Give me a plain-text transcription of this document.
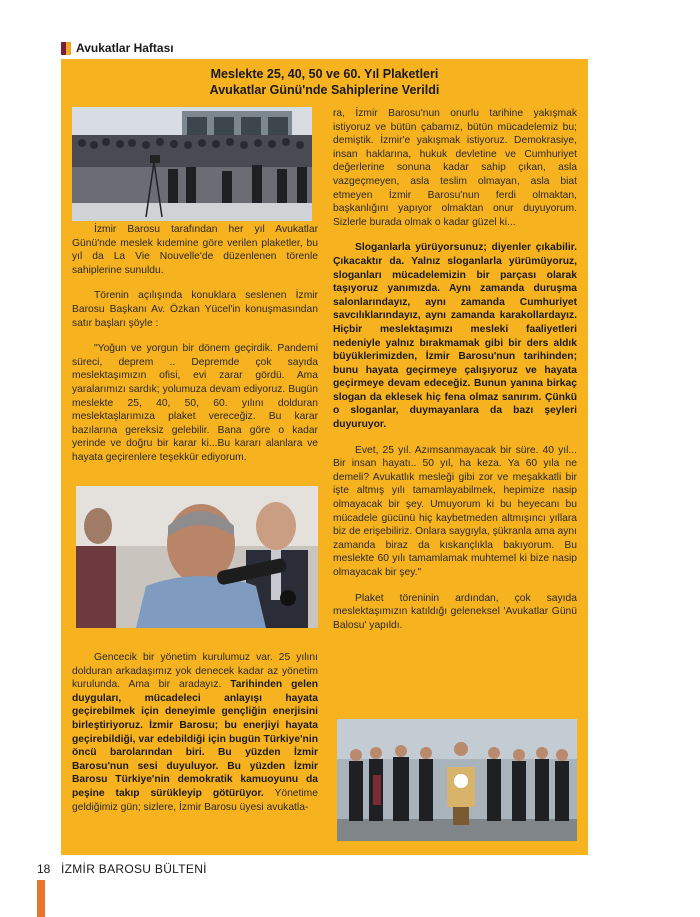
Avukatlar Haftası
Meslekte 25, 40, 50 ve 60. Yıl Plaketleri
Avukatlar Günü'nde Sahiplerine Verildi

İzmir Barosu tarafından her yıl Avukatlar Günü'nde meslek kıdemine göre verilen plaketler, bu yıl da La Vie Nouvelle'de düzenlenen törenle sahiplerine sunuldu.

Törenin açılışında konuklara seslenen İzmir Barosu Başkanı Av. Özkan Yücel'in konuşmasından satır başları şöyle :

"Yoğun ve yorgun bir dönem geçirdik. Pandemi süreci, deprem .. Depremde çok sayıda meslektaşımızın ofisi, evi zarar gördü. Ama yaralarımızı sardık; yolumuza devam ediyoruz. Bugün meslekte 25, 40, 50, 60. yılını dolduran meslektaşlarımıza plaket vereceğiz. Bu karar bazılarına gereksiz gelebilir. Bana göre o kadar yerinde ve doğru bir karar ki...Bu kararı alanlara ve hayata geçirenlere teşekkür ediyorum.

Gencecik bir yönetim kurulumuz var. 25 yılını dolduran arkadaşımız yok denecek kadar az yönetim kurulunda. Ama bir aradayız. Tarihinden gelen duyguları, mücadeleci anlayışı hayata geçirebilmek için deneyimle gençliğin enerjisini birleştiriyoruz. İzmir Barosu; bu enerjiyi hayata geçirebildiği, var edebildiği için bugün Türkiye'nin öncü barolarından biri. Bu yüzden İzmir Barosu'nun sesi duyuluyor. Bu yüzden İzmir Barosu Türkiye'nin demokratik kamuoyunu da peşine takıp sürükleyip götürüyor. Yönetime geldiğimiz gün; sizlere, İzmir Barosu üyesi avukatla-

ra, İzmir Barosu'nun onurlu tarihine yakışmak istiyoruz ve bütün çabamız, bütün mücadelemiz bu; demiştik. İzmir'e yakışmak istiyoruz. Demokrasiye, insan haklarına, hukuk devletine ve Cumhuriyet değerlerine sonuna kadar sahip çıkan, asla vazgeçmeyen, asla teslim olmayan, asla biat etmeyen İzmir Barosu'nun ferdi olmaktan, başkanlığını yapıyor olmaktan onur duyuyorum. Sizlerle burada olmak o kadar güzel ki...

Sloganlarla yürüyorsunuz; diyenler çıkabilir. Çıkacaktır da. Yalnız sloganlarla yürümüyoruz, sloganları mücadelemizin bir parçası olarak taşıyoruz yanımızda. Aynı zamanda duruşma salonlarındayız, aynı zamanda Cumhuriyet savcılıklarındayız, aynı zamanda karakollardayız. Hiçbir meslektaşımızı mesleki faaliyetleri nedeniyle yalnız bırakmamak gibi bir ders aldık büyüklerimizden, İzmir Barosu'nun tarihinden; bunu hayata geçirmeye çalışıyoruz ve hayata geçirmeye devam edeceğiz. Bunun yanına birkaç slogan da eklesek hiç fena olmaz sanırım. Çünkü o sloganlar, duymayanlara da bazı şeyleri duyuruyor.

Evet, 25 yıl. Azımsanmayacak bir süre. 40 yıl... Bir insan hayatı.. 50 yıl, ha keza. Ya 60 yıla ne demeli? Avukatlık mesleği gibi zor ve meşakkatli bir işte altmış yılı tamamlayabilmek, hepimize nasip olmayacak bir şey. Umuyorum ki bu heyecanı bu mücadele gücünü hiç kaybetmeden altmışıncı yıllara biz de erişebiliriz. Onlara saygıyla, şükranla ama aynı zamanda biraz da kıskançlıkla bakıyorum. Bu meslekte 60 yılı tamamlamak muhtemel ki bize nasip olmayacak bir şey."

Plaket töreninin ardından, çok sayıda meslektaşımızın katıldığı geleneksel 'Avukatlar Günü Balosu' yapıldı.

18 İZMİR BAROSU BÜLTENİ
